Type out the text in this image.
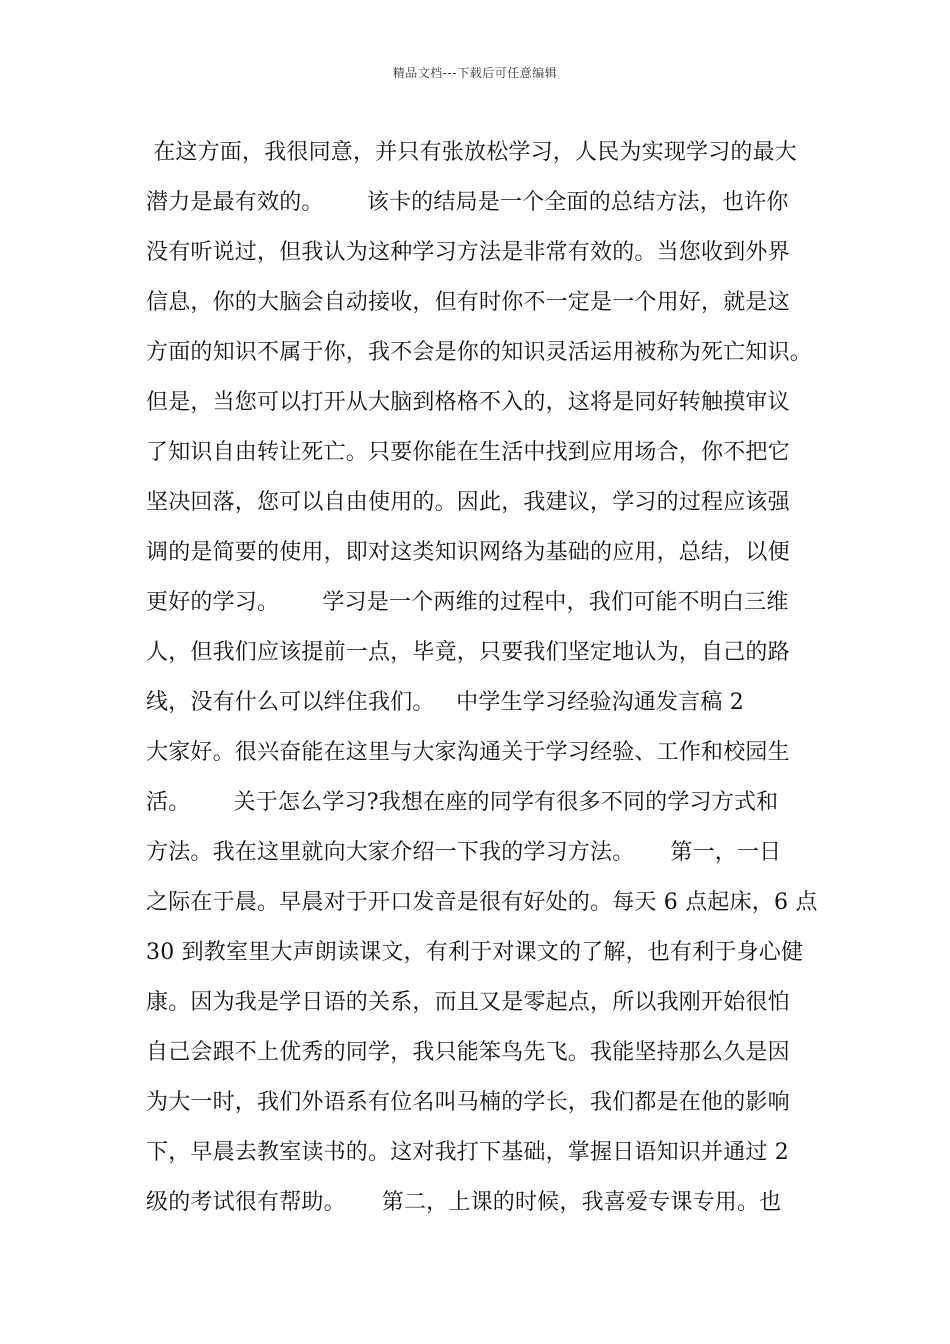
精品文档---下载后可任意编辑
在这方面，我很同意，并只有张放松学习，人民为实现学习的最大
潜力是最有效的。      该卡的结局是一个全面的总结方法，也许你
没有听说过，但我认为这种学习方法是非常有效的。当您收到外界
信息，你的大脑会自动接收，但有时你不一定是一个用好，就是这
方面的知识不属于你，我不会是你的知识灵活运用被称为死亡知识。
但是，当您可以打开从大脑到格格不入的，这将是同好转触摸审议
了知识自由转让死亡。只要你能在生活中找到应用场合，你不把它
坚决回落，您可以自由使用的。因此，我建议，学习的过程应该强
调的是简要的使用，即对这类知识网络为基础的应用，总结，以便
更好的学习。      学习是一个两维的过程中，我们可能不明白三维
人，但我们应该提前一点，毕竟，只要我们坚定地认为，自己的路
线，没有什么可以绊住我们。   中学生学习经验沟通发言稿 2
大家好。很兴奋能在这里与大家沟通关于学习经验、工作和校园生
活。      关于怎么学习?我想在座的同学有很多不同的学习方式和
方法。我在这里就向大家介绍一下我的学习方法。     第一，一日
之际在于晨。早晨对于开口发音是很有好处的。每天 6 点起床，6 点
30 到教室里大声朗读课文，有利于对课文的了解，也有利于身心健
康。因为我是学日语的关系，而且又是零起点，所以我刚开始很怕
自己会跟不上优秀的同学，我只能笨鸟先飞。我能坚持那么久是因
为大一时，我们外语系有位名叫马楠的学长，我们都是在他的影响
下，早晨去教室读书的。这对我打下基础，掌握日语知识并通过 2
级的考试很有帮助。     第二，上课的时候，我喜爱专课专用。也
